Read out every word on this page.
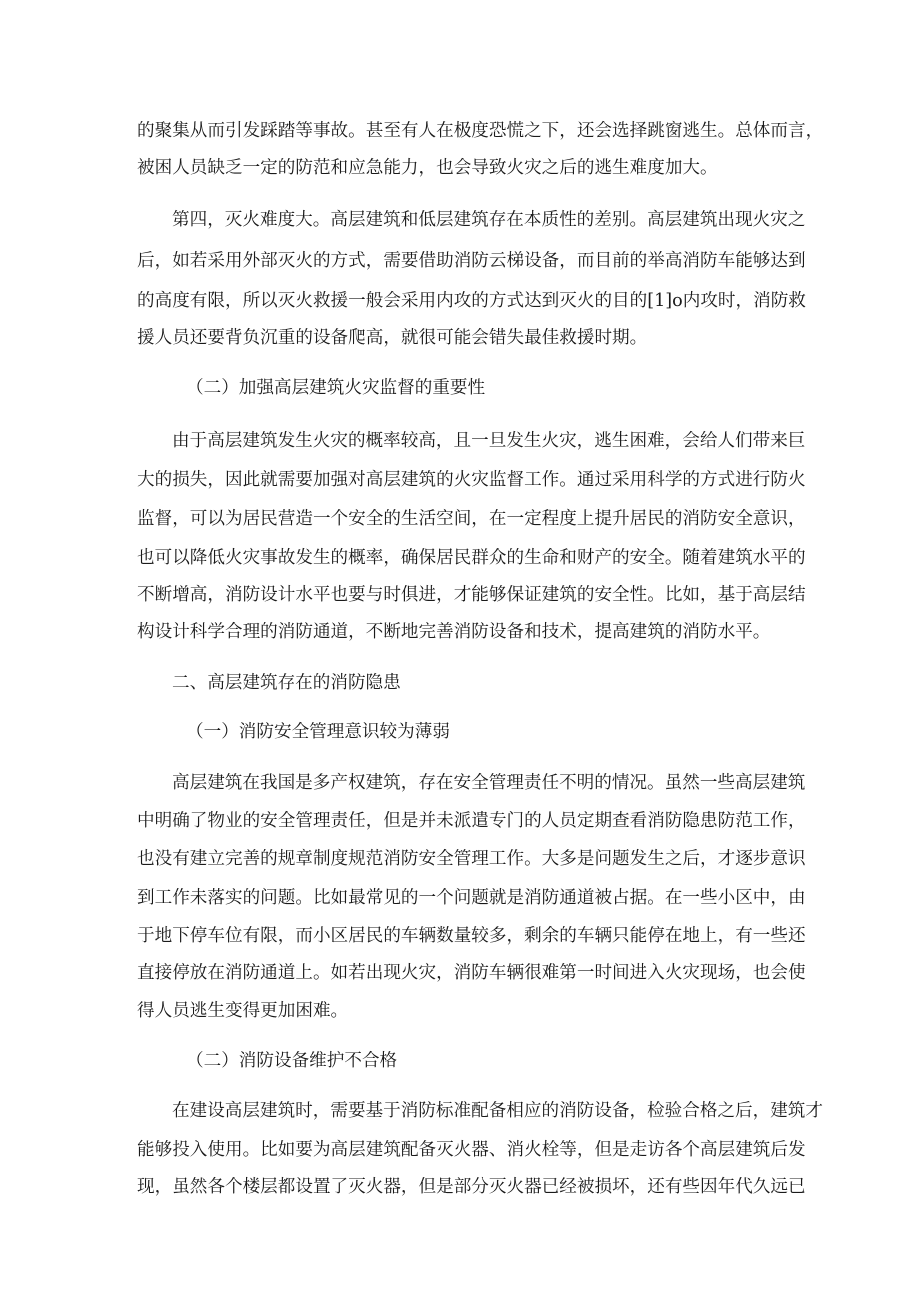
的聚集从而引发踩踏等事故。甚至有人在极度恐慌之下，还会选择跳窗逃生。总体而言，
被困人员缺乏一定的防范和应急能力，也会导致火灾之后的逃生难度加大。
第四，灭火难度大。高层建筑和低层建筑存在本质性的差别。高层建筑出现火灾之
后，如若采用外部灭火的方式，需要借助消防云梯设备，而目前的举高消防车能够达到
的高度有限，所以灭火救援一般会采用内攻的方式达到灭火的目的[1]o内攻时，消防救
援人员还要背负沉重的设备爬高，就很可能会错失最佳救援时期。
（二）加强高层建筑火灾监督的重要性
由于高层建筑发生火灾的概率较高，且一旦发生火灾，逃生困难，会给人们带来巨
大的损失，因此就需要加强对高层建筑的火灾监督工作。通过采用科学的方式进行防火
监督，可以为居民营造一个安全的生活空间，在一定程度上提升居民的消防安全意识，
也可以降低火灾事故发生的概率，确保居民群众的生命和财产的安全。随着建筑水平的
不断增高，消防设计水平也要与时俱进，才能够保证建筑的安全性。比如，基于高层结
构设计科学合理的消防通道，不断地完善消防设备和技术，提高建筑的消防水平。
二、高层建筑存在的消防隐患
（一）消防安全管理意识较为薄弱
高层建筑在我国是多产权建筑，存在安全管理责任不明的情况。虽然一些高层建筑
中明确了物业的安全管理责任，但是并未派遣专门的人员定期查看消防隐患防范工作，
也没有建立完善的规章制度规范消防安全管理工作。大多是问题发生之后，才逐步意识
到工作未落实的问题。比如最常见的一个问题就是消防通道被占据。在一些小区中，由
于地下停车位有限，而小区居民的车辆数量较多，剩余的车辆只能停在地上，有一些还
直接停放在消防通道上。如若出现火灾，消防车辆很难第一时间进入火灾现场，也会使
得人员逃生变得更加困难。
（二）消防设备维护不合格
在建设高层建筑时，需要基于消防标准配备相应的消防设备，检验合格之后，建筑才
能够投入使用。比如要为高层建筑配备灭火器、消火栓等，但是走访各个高层建筑后发
现，虽然各个楼层都设置了灭火器，但是部分灭火器已经被损坏，还有些因年代久远已
